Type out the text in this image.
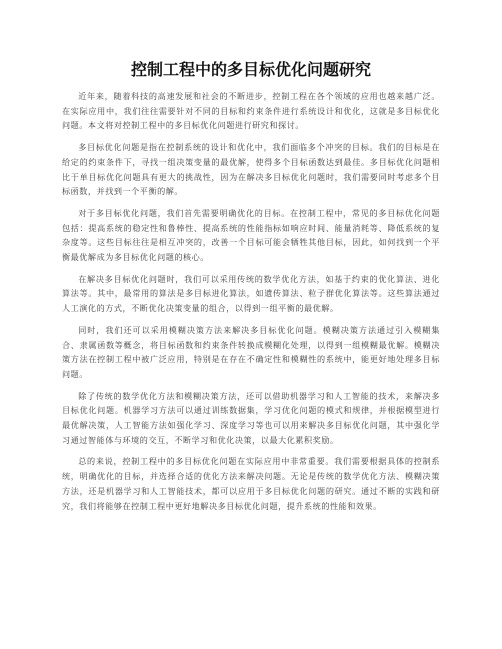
控制工程中的多目标优化问题研究

近年来，随着科技的高速发展和社会的不断进步，控制工程在各个领域的应用也越来越广泛。在实际应用中，我们往往需要针对不同的目标和约束条件进行系统设计和优化，这就是多目标优化问题。本文将对控制工程中的多目标优化问题进行研究和探讨。

多目标优化问题是指在控制系统的设计和优化中，我们面临多个冲突的目标。我们的目标是在给定的约束条件下，寻找一组决策变量的最优解，使得多个目标函数达到最佳。多目标优化问题相比于单目标优化问题具有更大的挑战性，因为在解决多目标优化问题时，我们需要同时考虑多个目标函数，并找到一个平衡的解。

对于多目标优化问题，我们首先需要明确优化的目标。在控制工程中，常见的多目标优化问题包括：提高系统的稳定性和鲁棒性、提高系统的性能指标如响应时间、能量消耗等、降低系统的复杂度等。这些目标往往是相互冲突的，改善一个目标可能会牺牲其他目标，因此，如何找到一个平衡最优解成为多目标优化问题的核心。

在解决多目标优化问题时，我们可以采用传统的数学优化方法，如基于约束的优化算法、进化算法等。其中，最常用的算法是多目标进化算法，如遗传算法、粒子群优化算法等。这些算法通过人工演化的方式，不断优化决策变量的组合，以得到一组平衡的最优解。

同时，我们还可以采用模糊决策方法来解决多目标优化问题。模糊决策方法通过引入模糊集合、隶属函数等概念，将目标函数和约束条件转换成模糊化处理，以得到一组模糊最优解。模糊决策方法在控制工程中被广泛应用，特别是在存在不确定性和模糊性的系统中，能更好地处理多目标问题。

除了传统的数学优化方法和模糊决策方法，还可以借助机器学习和人工智能的技术，来解决多目标优化问题。机器学习方法可以通过训练数据集，学习优化问题的模式和规律，并根据模型进行最优解决策，人工智能方法如强化学习、深度学习等也可以用来解决多目标优化问题，其中强化学习通过智能体与环境的交互，不断学习和优化决策，以最大化累积奖励。

总的来说，控制工程中的多目标优化问题在实际应用中非常重要。我们需要根据具体的控制系统，明确优化的目标，并选择合适的优化方法来解决问题。无论是传统的数学优化方法、模糊决策方法，还是机器学习和人工智能技术，都可以应用于多目标优化问题的研究。通过不断的实践和研究，我们将能够在控制工程中更好地解决多目标优化问题，提升系统的性能和效果。
